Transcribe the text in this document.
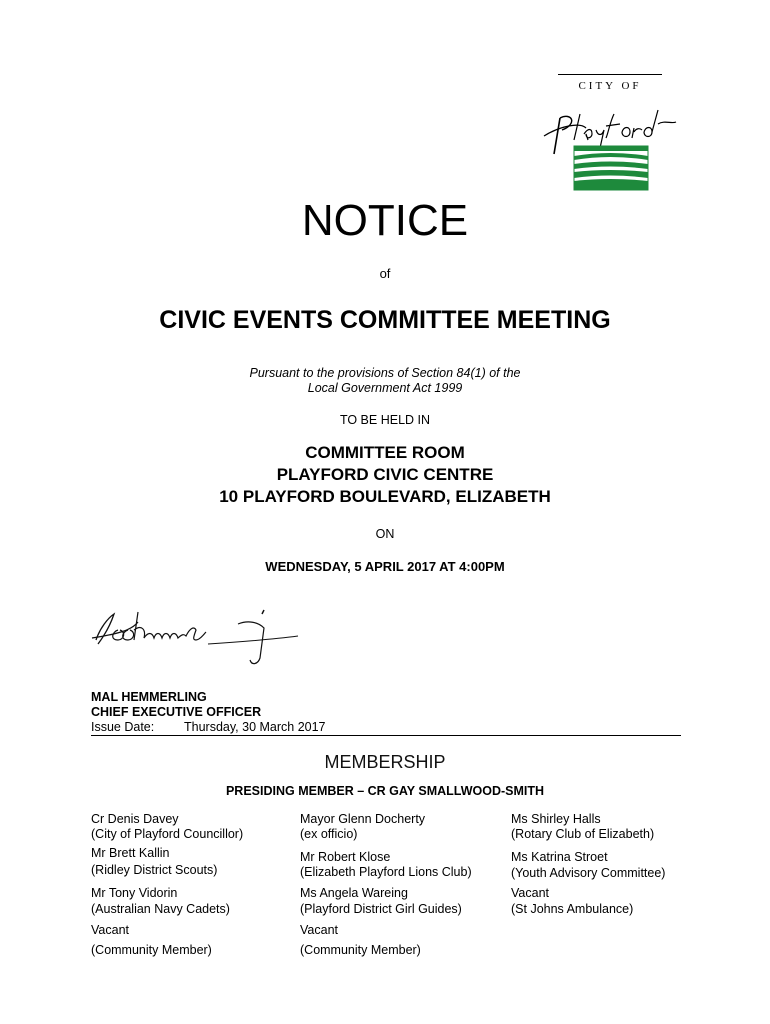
CITY OF
NOTICE
of
CIVIC EVENTS COMMITTEE MEETING
Pursuant to the provisions of Section 84(1) of the
Local Government Act 1999
TO BE HELD IN
COMMITTEE ROOM
PLAYFORD CIVIC CENTRE
10 PLAYFORD BOULEVARD, ELIZABETH
ON
WEDNESDAY, 5 APRIL 2017 AT 4:00PM
MAL HEMMERLING
CHIEF EXECUTIVE OFFICER
Issue Date: Thursday, 30 March 2017
MEMBERSHIP
PRESIDING MEMBER – CR GAY SMALLWOOD-SMITH
Cr Denis Davey
(City of Playford Councillor)
Mr Brett Kallin
(Ridley District Scouts)
Mr Tony Vidorin
(Australian Navy Cadets)
Vacant
(Community Member)
Mayor Glenn Docherty
(ex officio)
Mr Robert Klose
(Elizabeth Playford Lions Club)
Ms Angela Wareing
(Playford District Girl Guides)
Vacant
(Community Member)
Ms Shirley Halls
(Rotary Club of Elizabeth)
Ms Katrina Stroet
(Youth Advisory Committee)
Vacant
(St Johns Ambulance)
